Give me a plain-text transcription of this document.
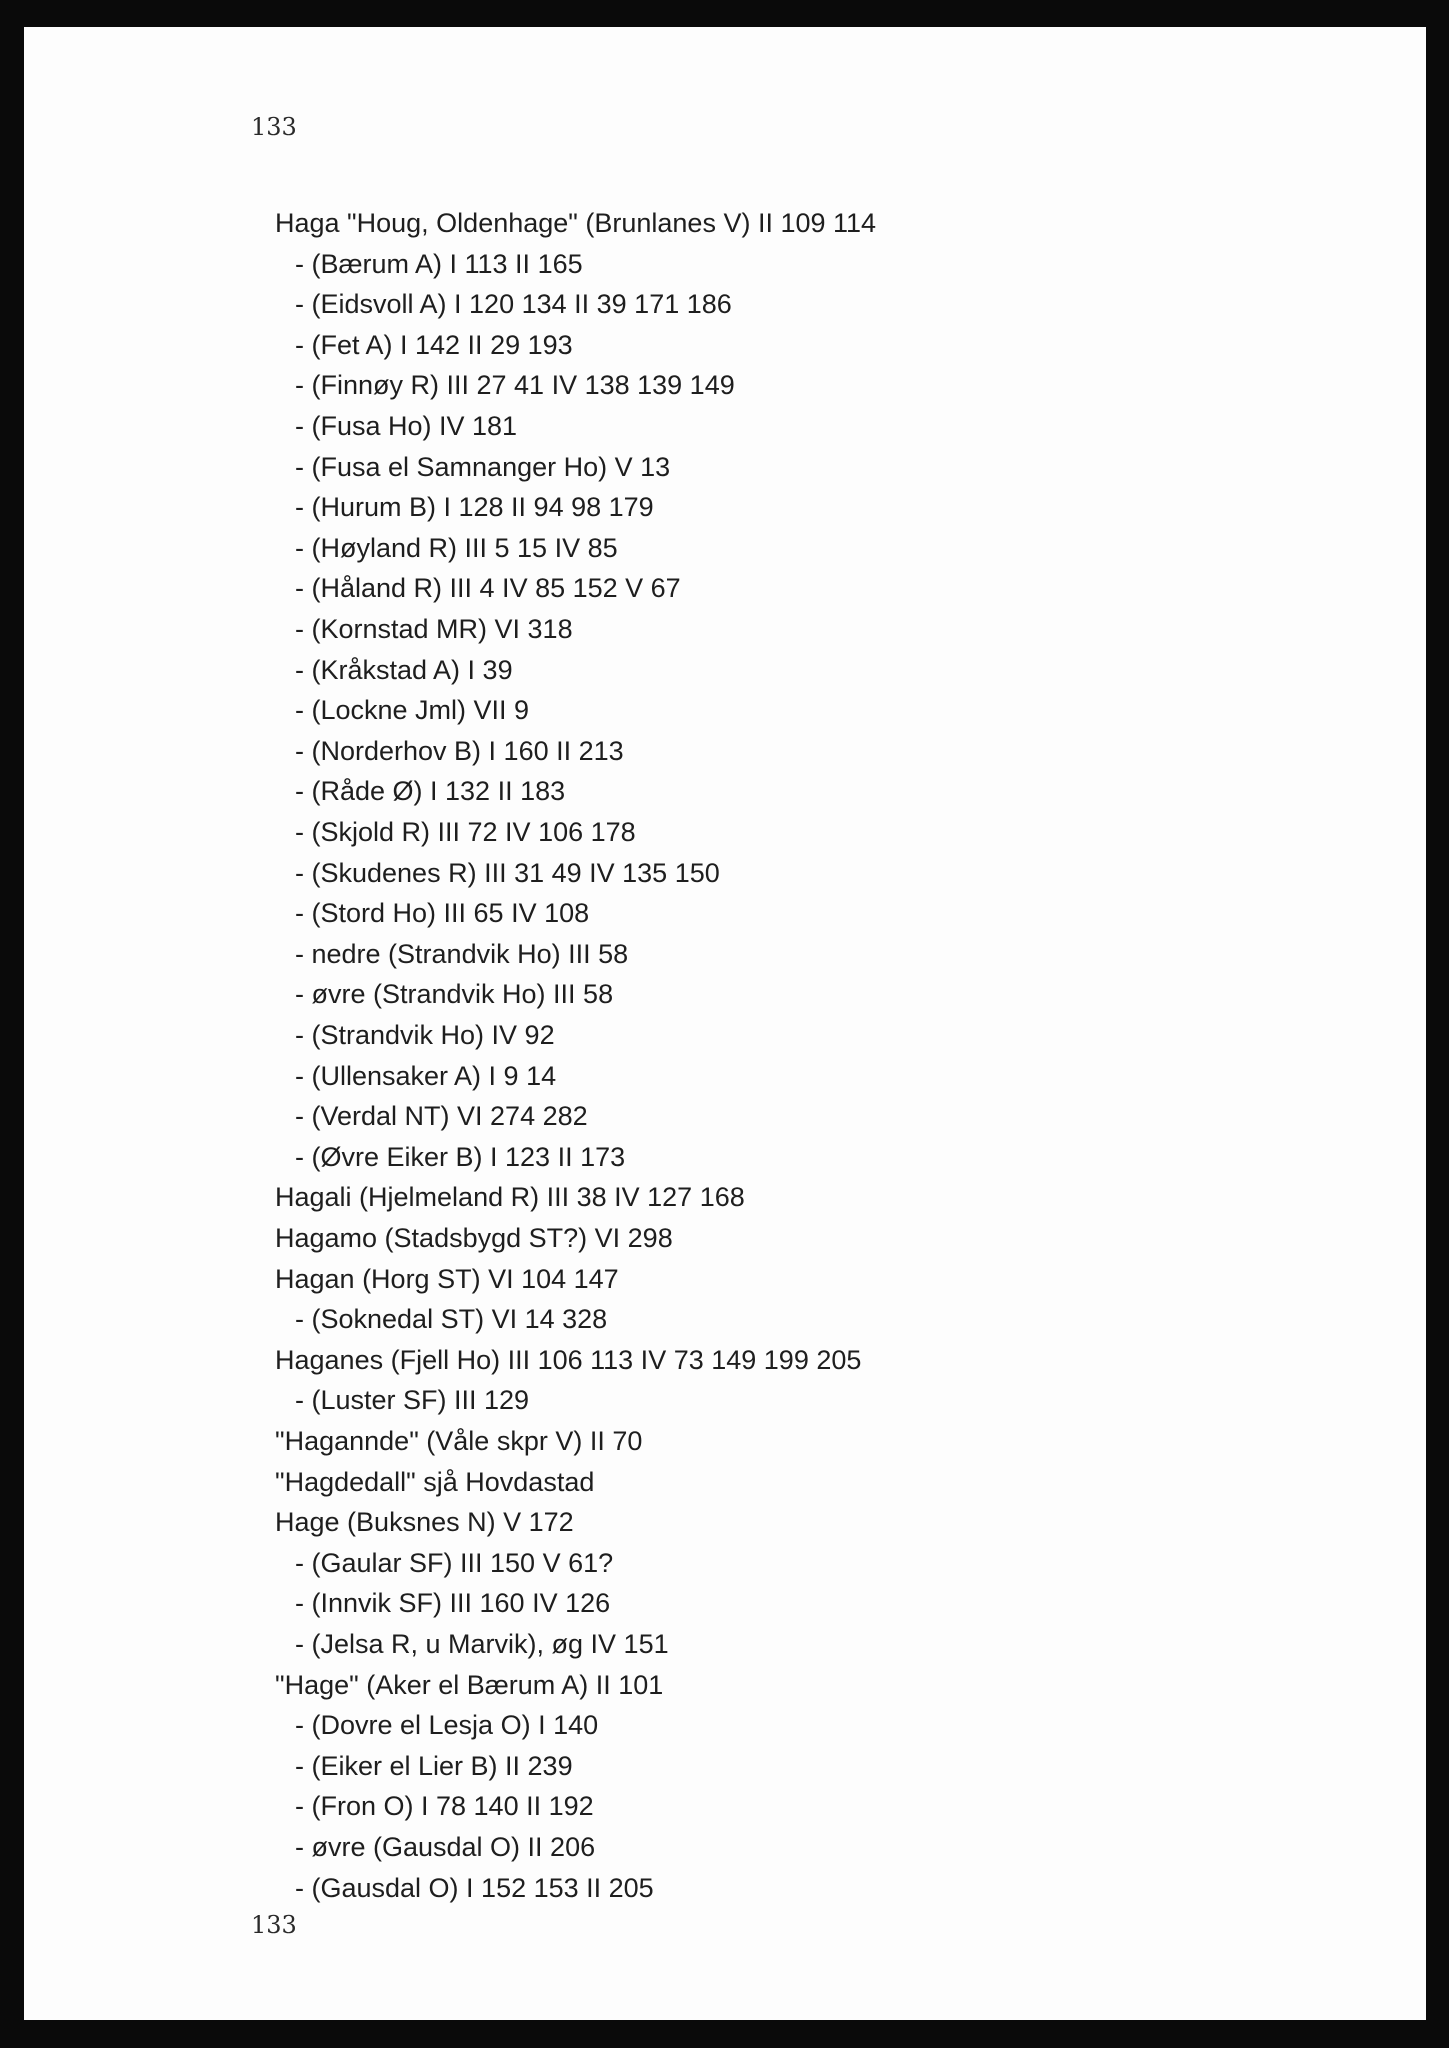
133

Haga "Houg, Oldenhage" (Brunlanes V) II 109 114
- (Bærum A) I 113 II 165
- (Eidsvoll A) I 120 134 II 39 171 186
- (Fet A) I 142 II 29 193
- (Finnøy R) III 27 41 IV 138 139 149
- (Fusa Ho) IV 181
- (Fusa el Samnanger Ho) V 13
- (Hurum B) I 128 II 94 98 179
- (Høyland R) III 5 15 IV 85
- (Håland R) III 4 IV 85 152 V 67
- (Kornstad MR) VI 318
- (Kråkstad A) I 39
- (Lockne Jml) VII 9
- (Norderhov B) I 160 II 213
- (Råde Ø) I 132 II 183
- (Skjold R) III 72 IV 106 178
- (Skudenes R) III 31 49 IV 135 150
- (Stord Ho) III 65 IV 108
- nedre (Strandvik Ho) III 58
- øvre (Strandvik Ho) III 58
- (Strandvik Ho) IV 92
- (Ullensaker A) I 9 14
- (Verdal NT) VI 274 282
- (Øvre Eiker B) I 123 II 173
Hagali (Hjelmeland R) III 38 IV 127 168
Hagamo (Stadsbygd ST?) VI 298
Hagan (Horg ST) VI 104 147
- (Soknedal ST) VI 14 328
Haganes (Fjell Ho) III 106 113 IV 73 149 199 205
- (Luster SF) III 129
"Hagannde" (Våle skpr V) II 70
"Hagdedall" sjå Hovdastad
Hage (Buksnes N) V 172
- (Gaular SF) III 150 V 61?
- (Innvik SF) III 160 IV 126
- (Jelsa R, u Marvik), øg IV 151
"Hage" (Aker el Bærum A) II 101
- (Dovre el Lesja O) I 140
- (Eiker el Lier B) II 239
- (Fron O) I 78 140 II 192
- øvre (Gausdal O) II 206
- (Gausdal O) I 152 153 II 205

133
